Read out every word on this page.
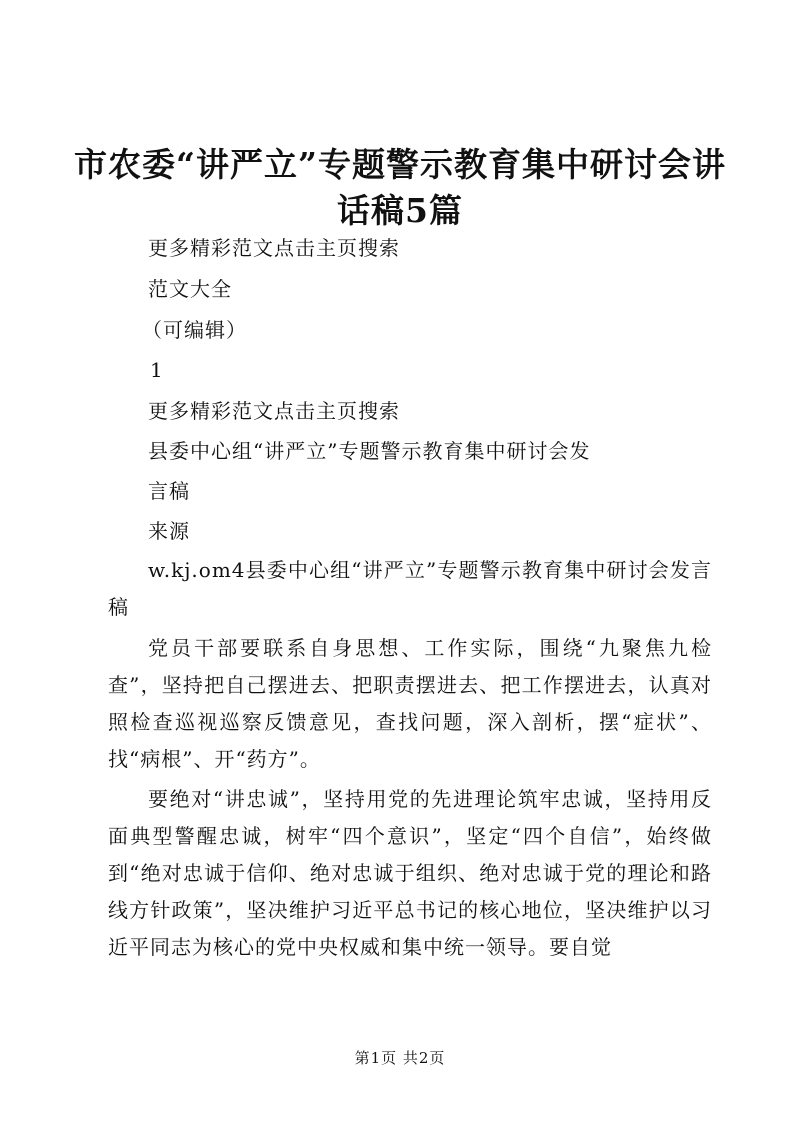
市农委“讲严立”专题警示教育集中研讨会讲话稿5篇
更多精彩范文点击主页搜索
范文大全
（可编辑）
1
更多精彩范文点击主页搜索
县委中心组“讲严立”专题警示教育集中研讨会发
言稿
来源
w.kj.om4县委中心组“讲严立”专题警示教育集中研讨会发言稿
党员干部要联系自身思想、工作实际，围绕“九聚焦九检查”，坚持把自己摆进去、把职责摆进去、把工作摆进去，认真对照检查巡视巡察反馈意见，查找问题，深入剖析，摆“症状”、找“病根”、开“药方”。
要绝对“讲忠诚”，坚持用党的先进理论筑牢忠诚，坚持用反面典型警醒忠诚，树牢“四个意识”，坚定“四个自信”，始终做到“绝对忠诚于信仰、绝对忠诚于组织、绝对忠诚于党的理论和路线方针政策”，坚决维护习近平总书记的核心地位，坚决维护以习近平同志为核心的党中央权威和集中统一领导。要自觉
第1页 共2页
